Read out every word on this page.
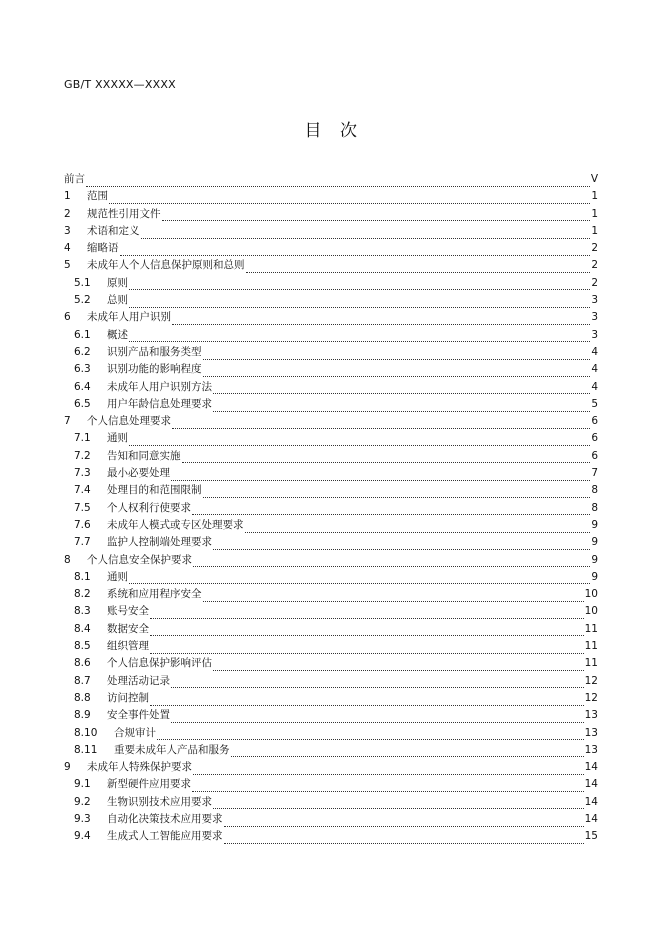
GB/T XXXXX—XXXX
目 次
前言	V
1	范围	1
2	规范性引用文件	1
3	术语和定义	1
4	缩略语	2
5	未成年人个人信息保护原则和总则	2
5.1	原则	2
5.2	总则	3
6	未成年人用户识别	3
6.1	概述	3
6.2	识别产品和服务类型	4
6.3	识别功能的影响程度	4
6.4	未成年人用户识别方法	4
6.5	用户年龄信息处理要求	5
7	个人信息处理要求	6
7.1	通则	6
7.2	告知和同意实施	6
7.3	最小必要处理	7
7.4	处理目的和范围限制	8
7.5	个人权利行使要求	8
7.6	未成年人模式或专区处理要求	9
7.7	监护人控制端处理要求	9
8	个人信息安全保护要求	9
8.1	通则	9
8.2	系统和应用程序安全	10
8.3	账号安全	10
8.4	数据安全	11
8.5	组织管理	11
8.6	个人信息保护影响评估	11
8.7	处理活动记录	12
8.8	访问控制	12
8.9	安全事件处置	13
8.10	合规审计	13
8.11	重要未成年人产品和服务	13
9	未成年人特殊保护要求	14
9.1	新型硬件应用要求	14
9.2	生物识别技术应用要求	14
9.3	自动化决策技术应用要求	14
9.4	生成式人工智能应用要求	15
